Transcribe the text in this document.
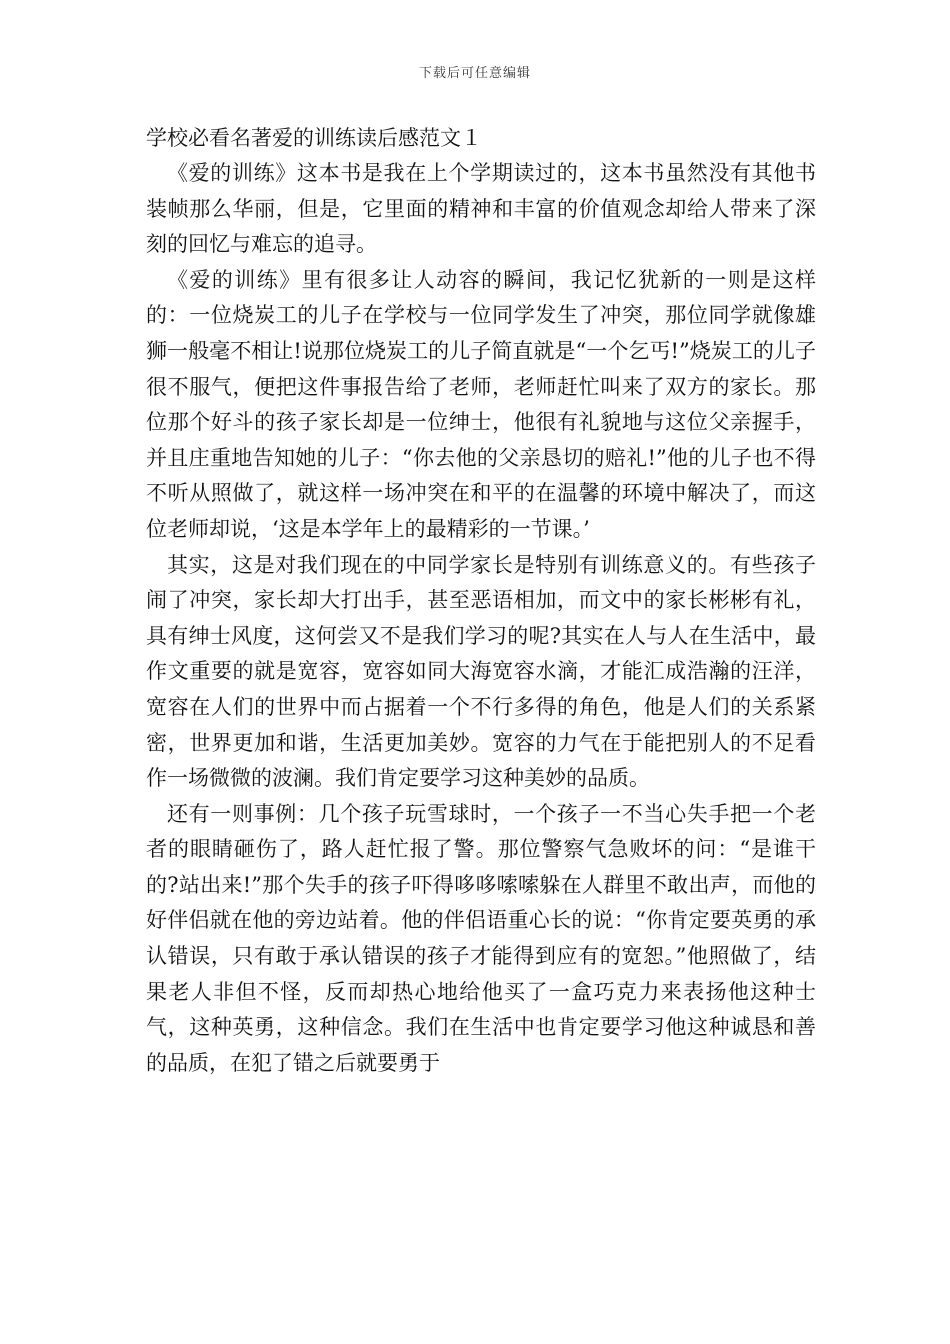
下载后可任意编辑
学校必看名著爱的训练读后感范文１

《爱的训练》这本书是我在上个学期读过的，这本书虽然没有其他书装帧那么华丽，但是，它里面的精神和丰富的价值观念却给人带来了深刻的回忆与难忘的追寻。

《爱的训练》里有很多让人动容的瞬间，我记忆犹新的一则是这样的：一位烧炭工的儿子在学校与一位同学发生了冲突，那位同学就像雄狮一般毫不相让!说那位烧炭工的儿子简直就是“一个乞丐!”烧炭工的儿子很不服气，便把这件事报告给了老师，老师赶忙叫来了双方的家长。那位那个好斗的孩子家长却是一位绅士，他很有礼貌地与这位父亲握手，并且庄重地告知她的儿子：“你去他的父亲恳切的赔礼!”他的儿子也不得不听从照做了，就这样一场冲突在和平的在温馨的环境中解决了，而这位老师却说，‘这是本学年上的最精彩的一节课。’

其实，这是对我们现在的中同学家长是特别有训练意义的。有些孩子闹了冲突，家长却大打出手，甚至恶语相加，而文中的家长彬彬有礼，具有绅士风度，这何尝又不是我们学习的呢?其实在人与人在生活中，最作文重要的就是宽容，宽容如同大海宽容水滴，才能汇成浩瀚的汪洋，宽容在人们的世界中而占据着一个不行多得的角色，他是人们的关系紧密，世界更加和谐，生活更加美妙。宽容的力气在于能把别人的不足看作一场微微的波澜。我们肯定要学习这种美妙的品质。

还有一则事例：几个孩子玩雪球时，一个孩子一不当心失手把一个老者的眼睛砸伤了，路人赶忙报了警。那位警察气急败坏的问：“是谁干的?站出来!”那个失手的孩子吓得哆哆嗦嗦躲在人群里不敢出声，而他的好伴侣就在他的旁边站着。他的伴侣语重心长的说：“你肯定要英勇的承认错误，只有敢于承认错误的孩子才能得到应有的宽恕。”他照做了，结果老人非但不怪，反而却热心地给他买了一盒巧克力来表扬他这种士气，这种英勇，这种信念。我们在生活中也肯定要学习他这种诚恳和善的品质，在犯了错之后就要勇于
